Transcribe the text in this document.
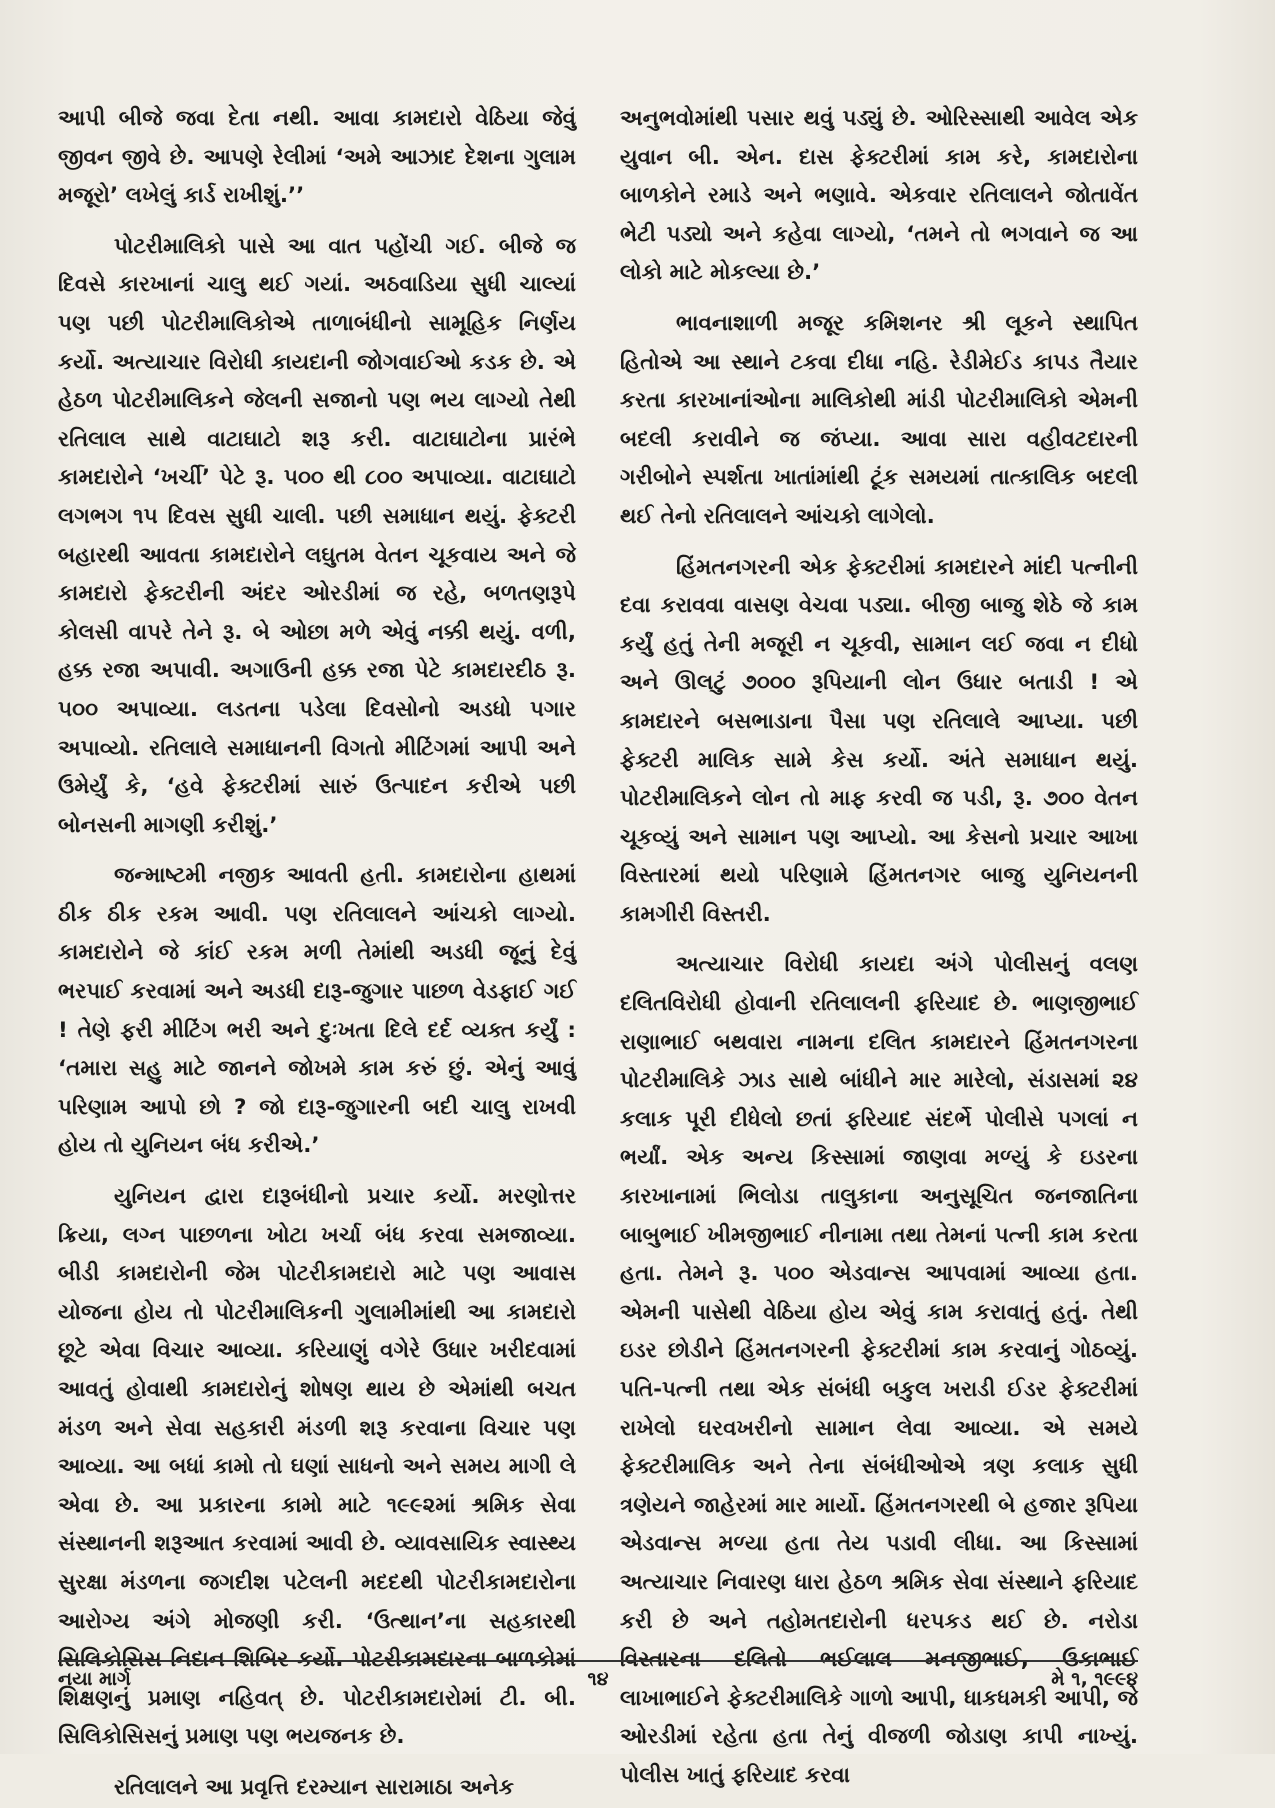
આપી બીજે જવા દેતા નથી. આવા કામદારો વેઠિયા જેવું જીવન જીવે છે. આપણે રેલીમાં ‘અમે આઝાદ દેશના ગુલામ મજૂરો’ લખેલું કાર્ડ રાખીશું.’’

પોટરીમાલિકો પાસે આ વાત પહોંચી ગઈ. બીજે જ દિવસે કારખાનાં ચાલુ થઈ ગયાં. અઠવાડિયા સુધી ચાલ્યાં પણ પછી પોટરીમાલિકોએ તાળાબંધીનો સામૂહિક નિર્ણય કર્યો. અત્યાચાર વિરોધી કાયદાની જોગવાઈઓ કડક છે. એ હેઠળ પોટરીમાલિકને જેલની સજાનો પણ ભય લાગ્યો તેથી રતિલાલ સાથે વાટાઘાટો શરૂ કરી. વાટાઘાટોના પ્રારંભે કામદારોને ‘ખર્ચી’ પેટે રૂ. ૫૦૦ થી ૮૦૦ અપાવ્યા. વાટાઘાટો લગભગ ૧૫ દિવસ સુધી ચાલી. પછી સમાધાન થયું. ફેક્ટરી બહારથી આવતા કામદારોને લઘુતમ વેતન ચૂકવાય અને જે કામદારો ફેક્ટરીની અંદર ઓરડીમાં જ રહે, બળતણરૂપે કોલસી વાપરે તેને રૂ. બે ઓછા મળે એવું નક્કી થયું. વળી, હક્ક રજા અપાવી. અગાઉની હક્ક રજા પેટે કામદારદીઠ રૂ. ૫૦૦ અપાવ્યા. લડતના પડેલા દિવસોનો અડધો પગાર અપાવ્યો. રતિલાલે સમાધાનની વિગતો મીટિંગમાં આપી અને ઉમેર્યું કે, ‘હવે ફેક્ટરીમાં સારું ઉત્પાદન કરીએ પછી બોનસની માગણી કરીશું.’

જન્માષ્ટમી નજીક આવતી હતી. કામદારોના હાથમાં ઠીક ઠીક રકમ આવી. પણ રતિલાલને આંચકો લાગ્યો. કામદારોને જે કાંઈ રકમ મળી તેમાંથી અડધી જૂનું દેવું ભરપાઈ કરવામાં અને અડધી દારૂ-જુગાર પાછળ વેડફાઈ ગઈ ! તેણે ફરી મીટિંગ ભરી અને દુઃખતા દિલે દર્દ વ્યક્ત કર્યું : ‘તમારા સહુ માટે જાનને જોખમે કામ કરું છું. એનું આવું પરિણામ આપો છો ? જો દારૂ-જુગારની બદી ચાલુ રાખવી હોય તો યુનિયન બંધ કરીએ.’

યુનિયન દ્વારા દારૂબંધીનો પ્રચાર કર્યો. મરણોત્તર ક્રિયા, લગ્ન પાછળના ખોટા ખર્ચા બંધ કરવા સમજાવ્યા. બીડી કામદારોની જેમ પોટરીકામદારો માટે પણ આવાસ યોજના હોય તો પોટરીમાલિકની ગુલામીમાંથી આ કામદારો છૂટે એવા વિચાર આવ્યા. કરિયાણું વગેરે ઉધાર ખરીદવામાં આવતું હોવાથી કામદારોનું શોષણ થાય છે એમાંથી બચત મંડળ અને સેવા સહકારી મંડળી શરૂ કરવાના વિચાર પણ આવ્યા. આ બધાં કામો તો ઘણાં સાધનો અને સમય માગી લે એવા છે. આ પ્રકારના કામો માટે ૧૯૯૨માં શ્રમિક સેવા સંસ્થાનની શરૂઆત કરવામાં આવી છે. વ્યાવસાયિક સ્વાસ્થ્ય સુરક્ષા મંડળના જગદીશ પટેલની મદદથી પોટરીકામદારોના આરોગ્ય અંગે મોજણી કરી. ‘ઉત્થાન’ના સહકારથી સિલિકોસિસ નિદાન શિબિર કર્યો. પોટરીકામદારના બાળકોમાં શિક્ષણનું પ્રમાણ નહિવત્ છે. પોટરીકામદારોમાં ટી. બી. સિલિકોસિસનું પ્રમાણ પણ ભયજનક છે.

રતિલાલને આ પ્રવૃત્તિ દરમ્યાન સારામાઠા અનેક

અનુભવોમાંથી પસાર થવું પડ્યું છે. ઓરિસ્સાથી આવેલ એક યુવાન બી. એન. દાસ ફેક્ટરીમાં કામ કરે, કામદારોના બાળકોને રમાડે અને ભણાવે. એકવાર રતિલાલને જોતાવેંત ભેટી પડ્યો અને કહેવા લાગ્યો, ‘તમને તો ભગવાને જ આ લોકો માટે મોકલ્યા છે.’

ભાવનાશાળી મજૂર કમિશનર શ્રી લૂકને સ્થાપિત હિતોએ આ સ્થાને ટકવા દીધા નહિ. રેડીમેઈડ કાપડ તૈયાર કરતા કારખાનાંઓના માલિકોથી માંડી પોટરીમાલિકો એમની બદલી કરાવીને જ જંપ્યા. આવા સારા વહીવટદારની ગરીબોને સ્પર્શતા ખાતાંમાંથી ટૂંક સમયમાં તાત્કાલિક બદલી થઈ તેનો રતિલાલને આંચકો લાગેલો.

હિંમતનગરની એક ફેક્ટરીમાં કામદારને માંદી પત્નીની દવા કરાવવા વાસણ વેચવા પડ્યા. બીજી બાજુ શેઠે જે કામ કર્યું હતું તેની મજૂરી ન ચૂકવી, સામાન લઈ જવા ન દીધો અને ઊલટું ૭૦૦૦ રૂપિયાની લોન ઉધાર બતાડી ! એ કામદારને બસભાડાના પૈસા પણ રતિલાલે આપ્યા. પછી ફેક્ટરી માલિક સામે કેસ કર્યો. અંતે સમાધાન થયું. પોટરીમાલિકને લોન તો માફ કરવી જ પડી, રૂ. ૭૦૦ વેતન ચૂકવ્યું અને સામાન પણ આપ્યો. આ કેસનો પ્રચાર આખા વિસ્તારમાં થયો પરિણામે હિંમતનગર બાજુ યુનિયનની કામગીરી વિસ્તરી.

અત્યાચાર વિરોધી કાયદા અંગે પોલીસનું વલણ દલિતવિરોધી હોવાની રતિલાલની ફરિયાદ છે. ભાણજીભાઈ રાણાભાઈ બથવારા નામના દલિત કામદારને હિંમતનગરના પોટરીમાલિકે ઝાડ સાથે બાંધીને માર મારેલો, સંડાસમાં ૨૪ કલાક પૂરી દીધેલો છતાં ફરિયાદ સંદર્ભે પોલીસે પગલાં ન ભર્યાં. એક અન્ય કિસ્સામાં જાણવા મળ્યું કે ઇડરના કારખાનામાં ભિલોડા તાલુકાના અનુસૂચિત જનજાતિના બાબુભાઈ ખીમજીભાઈ નીનામા તથા તેમનાં પત્ની કામ કરતા હતા. તેમને રૂ. ૫૦૦ એડવાન્સ આપવામાં આવ્યા હતા. એમની પાસેથી વેઠિયા હોય એવું કામ કરાવાતું હતું. તેથી ઇડર છોડીને હિંમતનગરની ફેક્ટરીમાં કામ કરવાનું ગોઠવ્યું. પતિ-પત્ની તથા એક સંબંધી બકુલ ખરાડી ઈડર ફેક્ટરીમાં રાખેલો ઘરવખરીનો સામાન લેવા આવ્યા. એ સમયે ફેક્ટરીમાલિક અને તેના સંબંધીઓએ ત્રણ કલાક સુધી ત્રણેયને જાહેરમાં માર માર્યો. હિંમતનગરથી બે હજાર રૂપિયા એડવાન્સ મળ્યા હતા તેય પડાવી લીધા. આ કિસ્સામાં અત્યાચાર નિવારણ ધારા હેઠળ શ્રમિક સેવા સંસ્થાને ફરિયાદ કરી છે અને તહોમતદારોની ધરપકડ થઈ છે. નરોડા વિસ્તારના દલિતો ભઈલાલ મનજીભાઈ, ઉકાભાઈ લાખાભાઈને ફેક્ટરીમાલિકે ગાળો આપી, ધાકધમકી આપી, જે ઓરડીમાં રહેતા હતા તેનું વીજળી જોડાણ કાપી નાખ્યું. પોલીસ ખાતું ફરિયાદ કરવા

નયા માર્ગ	૧૪	મે ૧, ૧૯૯૪
